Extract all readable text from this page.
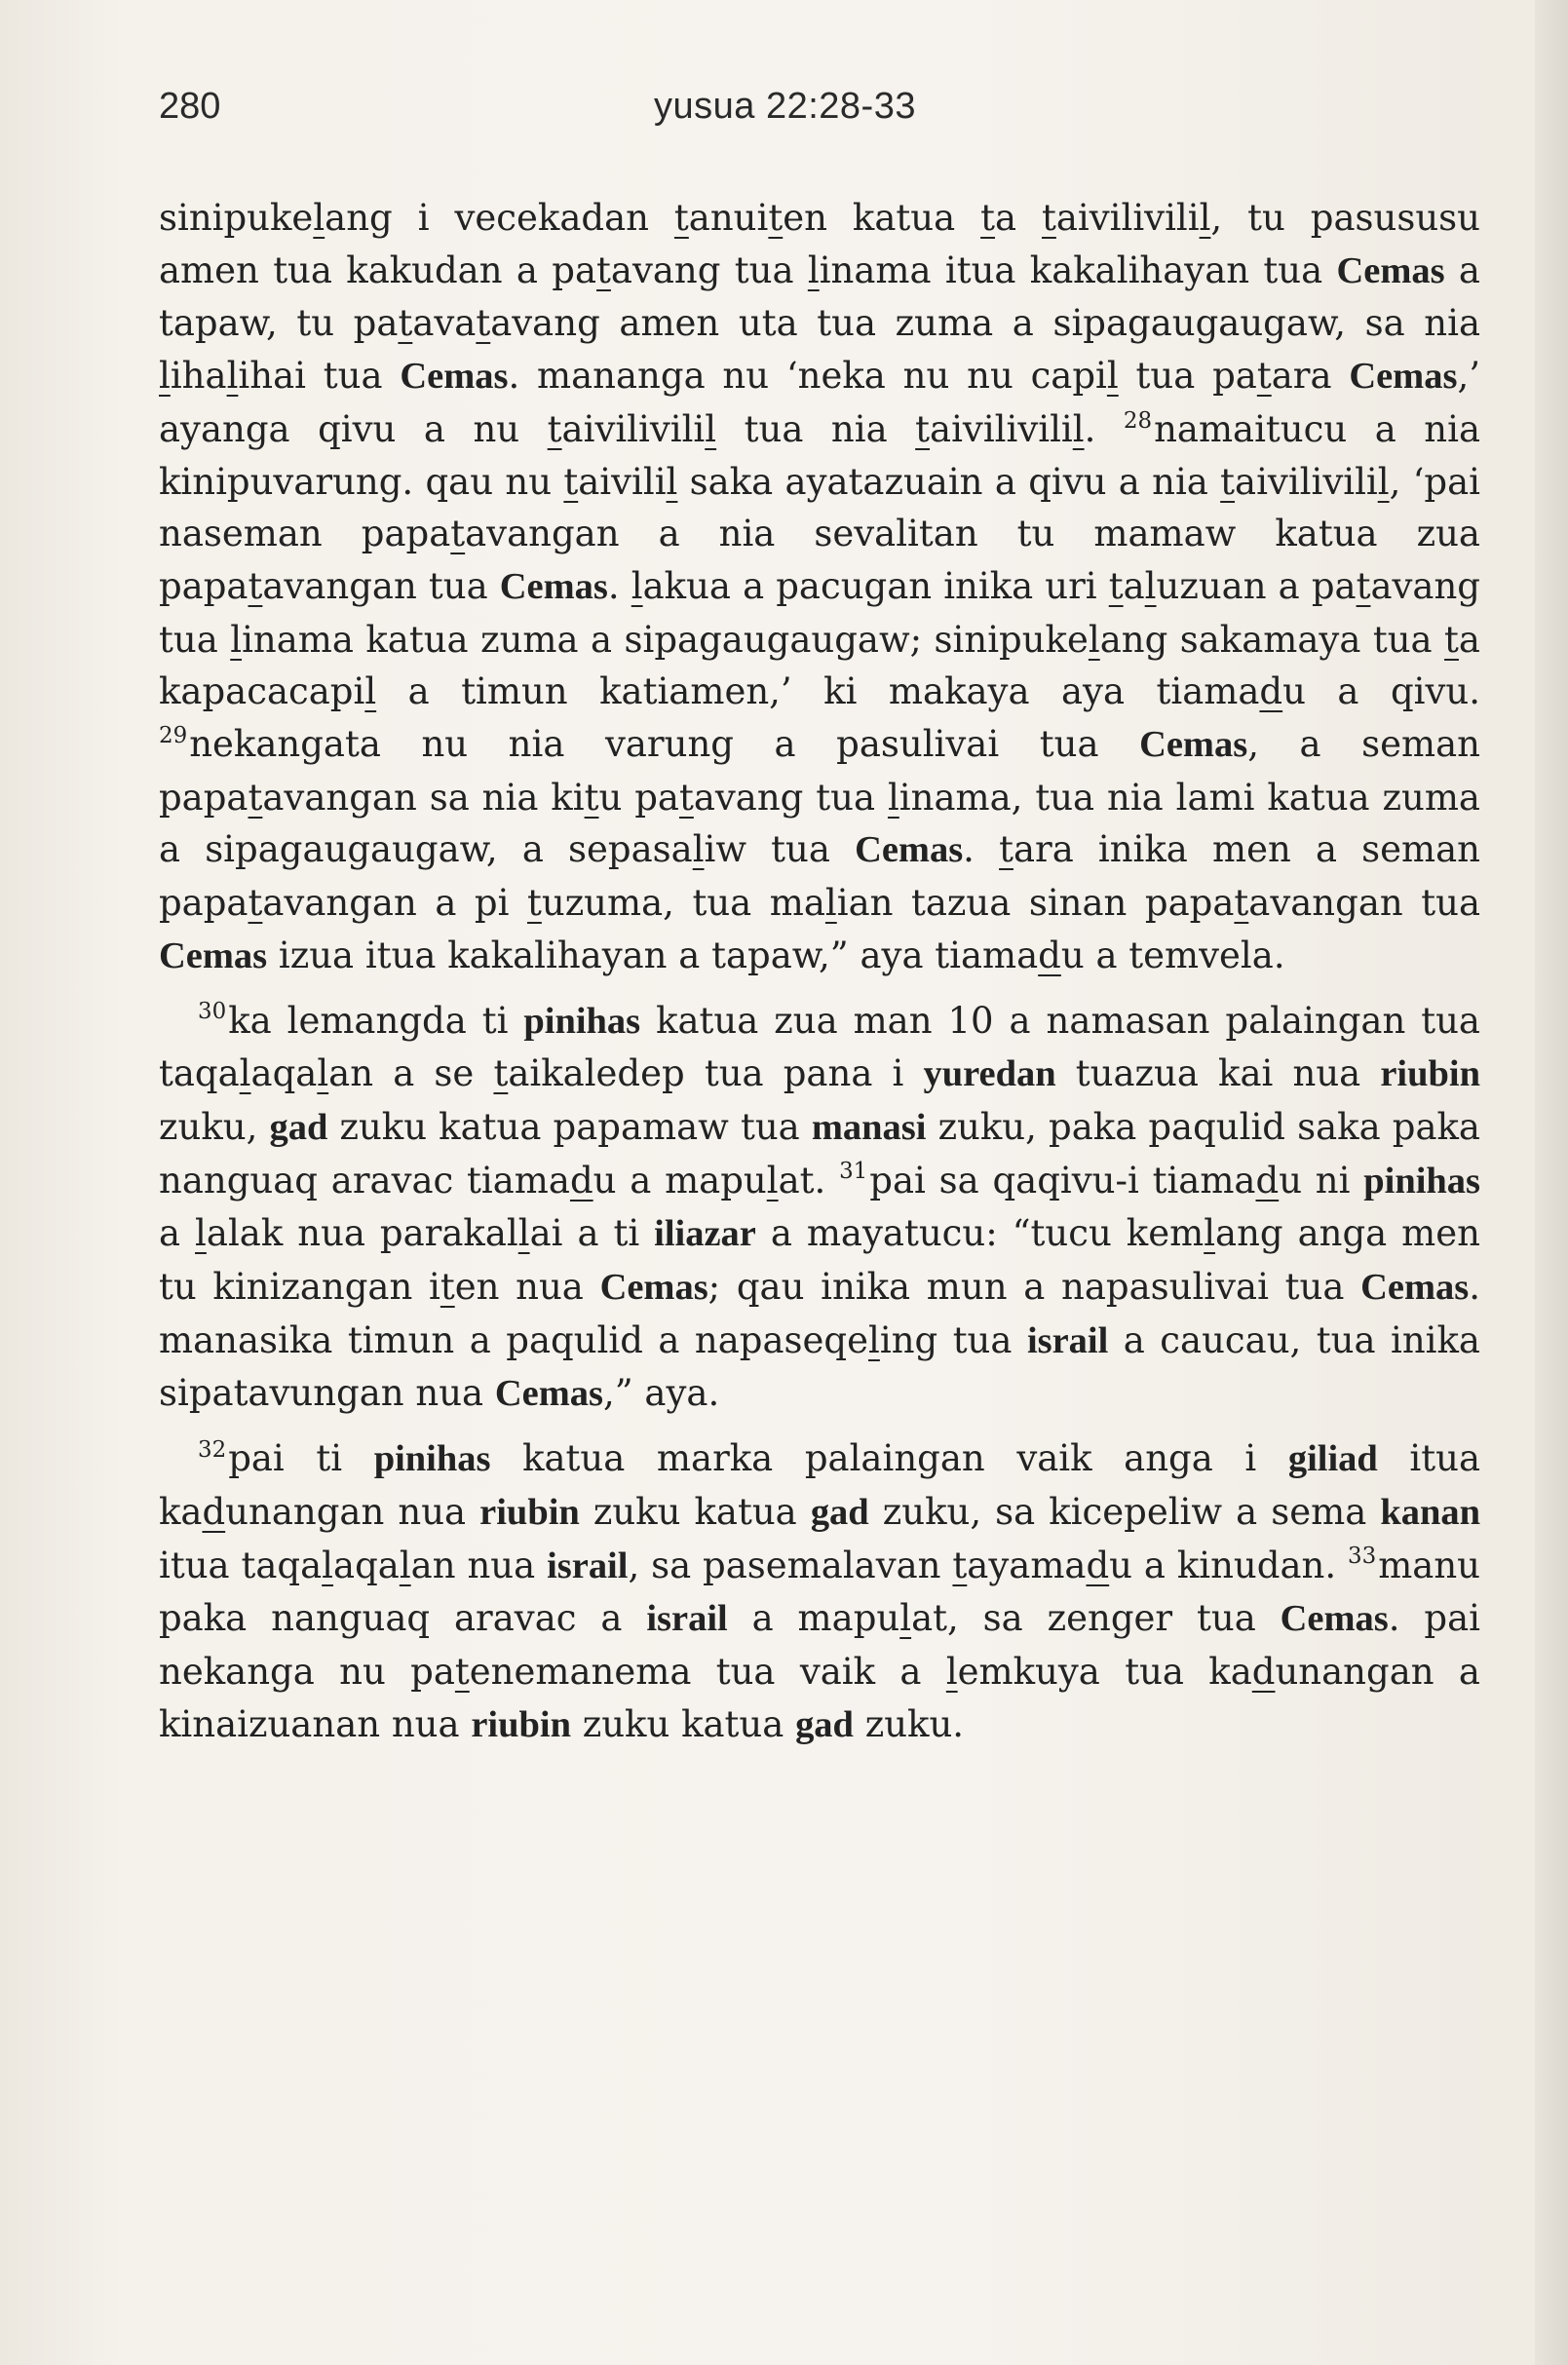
280	yusua 22:28-33

sinipukelang i vecekadan tanuiten katua ta taivilivilil, tu pasususu amen tua kakudan a patavang tua linama itua kakalihayan tua Cemas a tapaw, tu patavatavang amen uta tua zuma a sipagaugaugaw, sa nia lihalihai tua Cemas. mananga nu ‘neka nu nu capil tua patara Cemas,’ ayanga qivu a nu taivilivilil tua nia taivilivilil. $^{28}$namaitucu a nia kinipuvarung. qau nu taivilil saka ayatazuain a qivu a nia taivilivilil, ‘pai naseman papatavangan a nia sevalitan tu mamaw katua zua papatavangan tua Cemas. lakua a pacugan inika uri taluzuan a patavang tua linama katua zuma a sipagaugaugaw; sinipukelang sakamaya tua ta kapacacapil a timun katiamen,’ ki makaya aya tiamadu a qivu. $^{29}$nekangata nu nia varung a pasulivai tua Cemas, a seman papatavangan sa nia kitu patavang tua linama, tua nia lami katua zuma a sipagaugaugaw, a sepasaliw tua Cemas. tara inika men a seman papatavangan a pi tuzuma, tua malian tazua sinan papatavangan tua Cemas izua itua kakalihayan a tapaw,” aya tiamadu a temvela.

$^{30}$ka lemangda ti pinihas katua zua man 10 a namasan palaingan tua taqalaqalan a se taikaledep tua pana i yuredan tuazua kai nua riubin zuku, gad zuku katua papamaw tua manasi zuku, paka paqulid saka paka nanguaq aravac tiamadu a mapulat. $^{31}$pai sa qaqivu-i tiamadu ni pinihas a lalak nua parakallai a ti iliazar a mayatucu: “tucu kemlang anga men tu kinizangan iten nua Cemas; qau inika mun a napasulivai tua Cemas. manasika timun a paqulid a napaseqeling tua israil a caucau, tua inika sipatavungan nua Cemas,” aya.

$^{32}$pai ti pinihas katua marka palaingan vaik anga i giliad itua kadunangan nua riubin zuku katua gad zuku, sa kicepeliw a sema kanan itua taqalaqalan nua israil, sa pasemalavan tayamadu a kinudan. $^{33}$manu paka nanguaq aravac a israil a mapulat, sa zenger tua Cemas. pai nekanga nu patenemanema tua vaik a lemkuya tua kadunangan a kinaizuanan nua riubin zuku katua gad zuku.
